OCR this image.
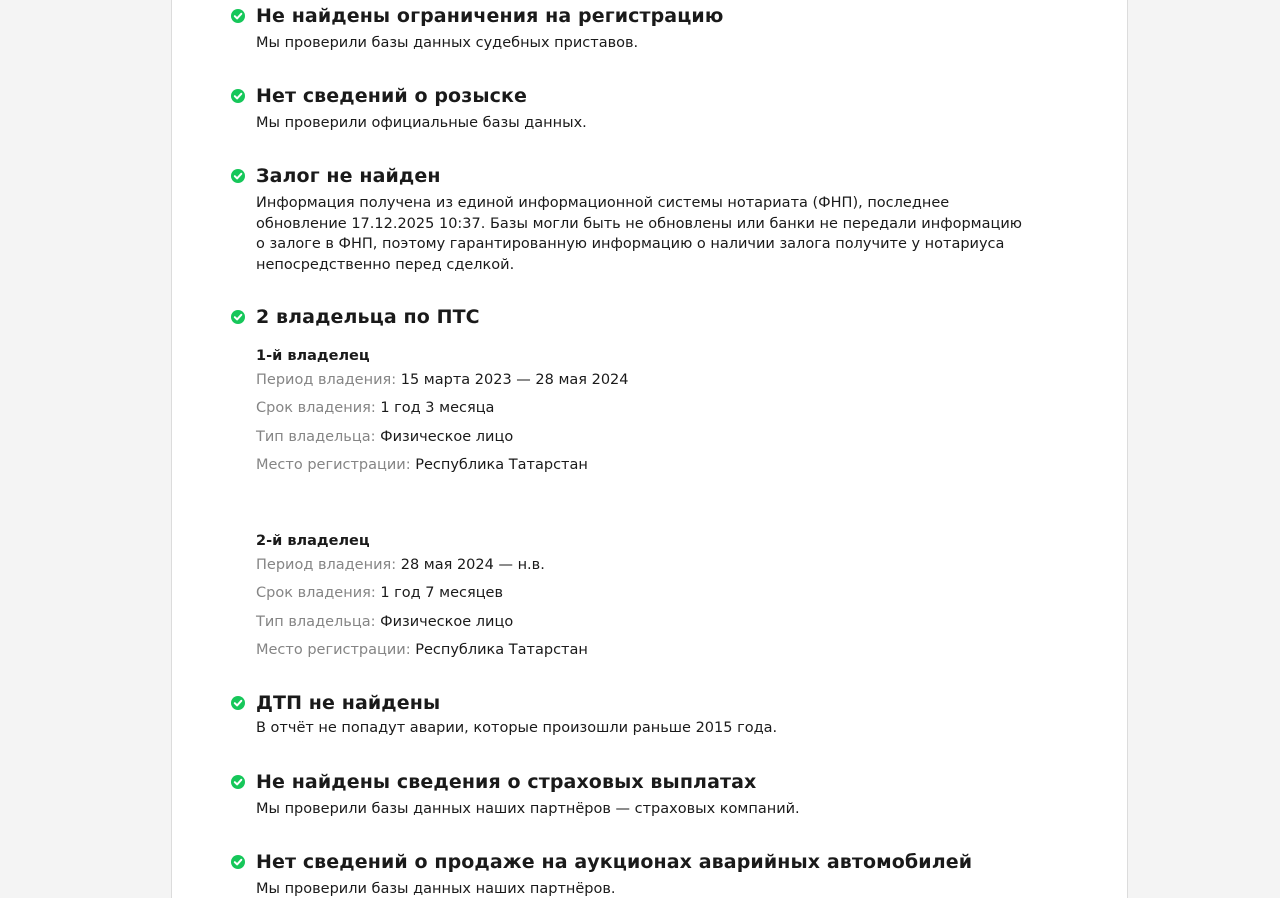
Не найдены ограничения на регистрацию

Мы проверили базы данных судебных приставов.

Нет сведений о розыске

Мы проверили официальные базы данных.

Залог не найден

Информация получена из единой информационной системы нотариата (ФНП), последнее обновление 17.12.2025 10:37. Базы могли быть не обновлены или банки не передали информацию о залоге в ФНП, поэтому гарантированную информацию о наличии залога получите у нотариуса непосредственно перед сделкой.

2 владельца по ПТС
1-й владелец
Период владения: 15 марта 2023 — 28 мая 2024
Срок владения: 1 год 3 месяца
Тип владельца: Физическое лицо
Место регистрации: Республика Татарстан
2-й владелец
Период владения: 28 мая 2024 — н.в.
Срок владения: 1 год 7 месяцев
Тип владельца: Физическое лицо
Место регистрации: Республика Татарстан
ДТП не найдены

В отчёт не попадут аварии, которые произошли раньше 2015 года.

Не найдены сведения о страховых выплатах

Мы проверили базы данных наших партнёров — страховых компаний.

Нет сведений о продаже на аукционах аварийных автомобилей

Мы проверили базы данных наших партнёров.
